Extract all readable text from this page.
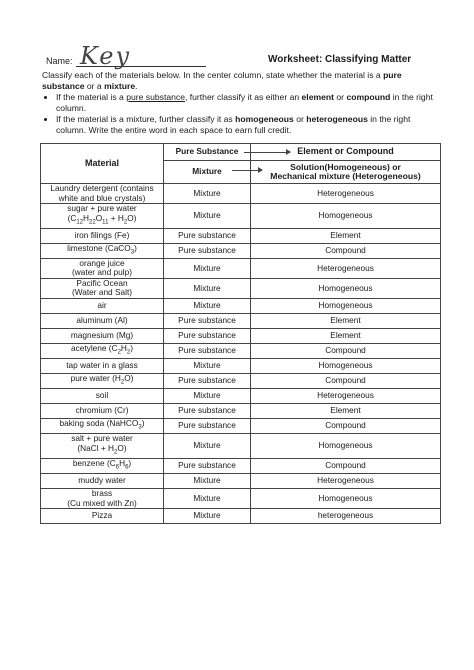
Name: Key	Worksheet: Classifying Matter

Classify each of the materials below. In the center column, state whether the material is a pure substance or a mixture.

• If the material is a pure substance, further classify it as either an element or compound in the right column.
• If the material is a mixture, further classify it as homogeneous or heterogeneous in the right column. Write the entire word in each space to earn full credit.
Material	Pure Substance	Element or Compound
	Mixture	Solution(Homogeneous) or
Mechanical mixture (Heterogeneous)

Laundry detergent (contains
white and blue crystals)	Mixture	Heterogeneous

sugar + pure water
$(C_{12}H_{22}O_{11} + H_2O)$	Mixture	Homogeneous

iron filings (Fe)	Pure substance	Element

limestone (CaCO$_3$)	Pure substance	Compound

orange juice
(water and pulp)	Mixture	Heterogeneous

Pacific Ocean
(Water and Salt)	Mixture	Homogeneous

air	Mixture	Homogeneous

aluminum (Al)	Pure substance	Element

magnesium (Mg)	Pure substance	Element

acetylene $(C_2H_2)$	Pure substance	Compound

tap water in a glass	Mixture	Homogeneous

pure water $(H_2O)$	Pure substance	Compound

soil	Mixture	Heterogeneous

chromium (Cr)	Pure substance	Element

baking soda (NaHCO$_3$)	Pure substance	Compound

salt + pure water
(NaCl + $H_2O$)	Mixture	Homogeneous

benzene $(C_6H_6)$	Pure substance	Compound

muddy water	Mixture	Heterogeneous

brass
(Cu mixed with Zn)	Mixture	Homogeneous

Pizza	Mixture	heterogeneous
